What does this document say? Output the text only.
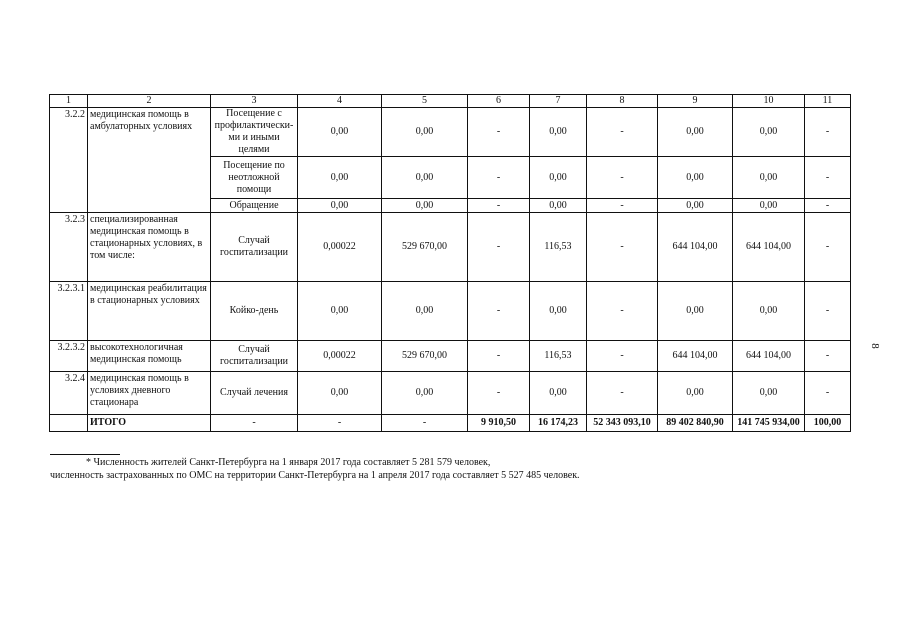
1	2	3	4	5	6	7	8	9	10	11
3.2.2	медицинская помощь в амбулаторных условиях	Посещение с профилактически-ми и иными целями	0,00	0,00	-	0,00	-	0,00	0,00	-
		Посещение по неотложной помощи	0,00	0,00	-	0,00	-	0,00	0,00	-
		Обращение	0,00	0,00	-	0,00	-	0,00	0,00	-
3.2.3	специализированная медицинская помощь в стационарных условиях, в том числе:	Случай госпитализации	0,00022	529 670,00	-	116,53	-	644 104,00	644 104,00	-
3.2.3.1	медицинская реабилитация в стационарных условиях	Койко-день	0,00	0,00	-	0,00	-	0,00	0,00	-
3.2.3.2	высокотехнологичная медицинская помощь	Случай госпитализации	0,00022	529 670,00	-	116,53	-	644 104,00	644 104,00	-
3.2.4	медицинская помощь в условиях дневного стационара	Случай лечения	0,00	0,00	-	0,00	-	0,00	0,00	-
	ИТОГО	-	-	-	9 910,50	16 174,23	52 343 093,10	89 402 840,90	141 745 934,00	100,00
* Численность жителей Санкт-Петербурга на 1 января 2017 года составляет 5 281 579 человек,
численность застрахованных по ОМС на территории Санкт-Петербурга на 1 апреля 2017 года составляет 5 527 485 человек.
8
